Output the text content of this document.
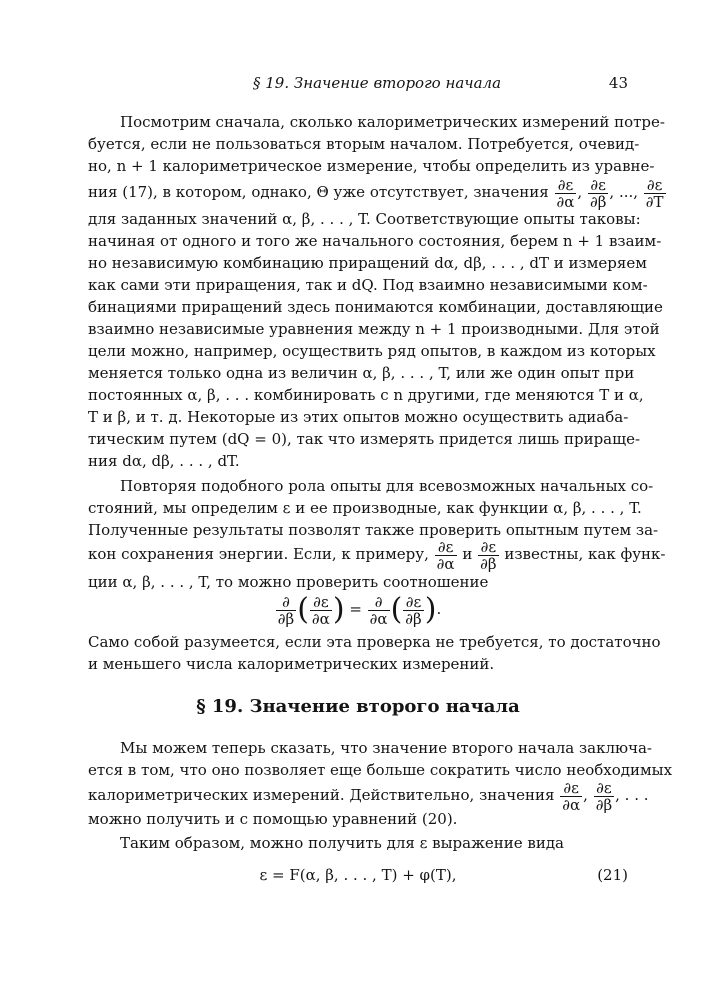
§ 19. Значение второго начала	43
Посмотрим сначала, сколько калориметрических измерений потре-
буется, если не пользоваться вторым началом. Потребуется, очевид-
но, n + 1 калориметрическое измерение, чтобы определить из уравне-
ния (17), в котором, однако, Θ уже отсутствует, значения $\frac{\partial\varepsilon}{\partial\alpha}$ , $\frac{\partial\varepsilon}{\partial\beta}$ , ..., $\frac{\partial\varepsilon}{\partial T}$
для заданных значений α, β, . . . , T. Соответствующие опыты таковы:
начиная от одного и того же начального состояния, берем n + 1 взаим-
но независимую комбинацию приращений dα, dβ, . . . , dT и измеряем
как сами эти приращения, так и dQ. Под взаимно независимыми ком-
бинациями приращений здесь понимаются комбинации, доставляющие
взаимно независимые уравнения между n + 1 производными. Для этой
цели можно, например, осуществить ряд опытов, в каждом из которых
меняется только одна из величин α, β, . . . , T, или же один опыт при
постоянных α, β, . . . комбинировать с n другими, где меняются T и α,
T и β, и т. д. Некоторые из этих опытов можно осуществить адиаба-
тическим путем (dQ = 0), так что измерять придется лишь прираще-
ния dα, dβ, . . . , dT.
Повторяя подобного рола опыты для всевозможных начальных со-
стояний, мы определим ε и ее производные, как функции α, β, . . . , T.
Полученные результаты позволят также проверить опытным путем за-
кон сохранения энергии. Если, к примеру, $\frac{\partial\varepsilon}{\partial\alpha}$ и $\frac{\partial\varepsilon}{\partial\beta}$ известны, как функ-
ции α, β, . . . , T, то можно проверить соотношение
$\frac{\partial}{\partial\beta}$ ( $\frac{\partial\varepsilon}{\partial\alpha}$ ) = $\frac{\partial}{\partial\alpha}$ ( $\frac{\partial\varepsilon}{\partial\beta}$ ).
Само собой разумеется, если эта проверка не требуется, то достаточно
и меньшего числа калориметрических измерений.
§ 19. Значение второго начала
Мы можем теперь сказать, что значение второго начала заключа-
ется в том, что оно позволяет еще больше сократить число необходимых
калориметрических измерений. Действительно, значения $\frac{\partial\varepsilon}{\partial\alpha}$ , $\frac{\partial\varepsilon}{\partial\beta}$ , . . .
можно получить и с помощью уравнений (20).
Таким образом, можно получить для ε выражение вида
ε = F(α, β, . . . , T) + φ(T),	(21)
